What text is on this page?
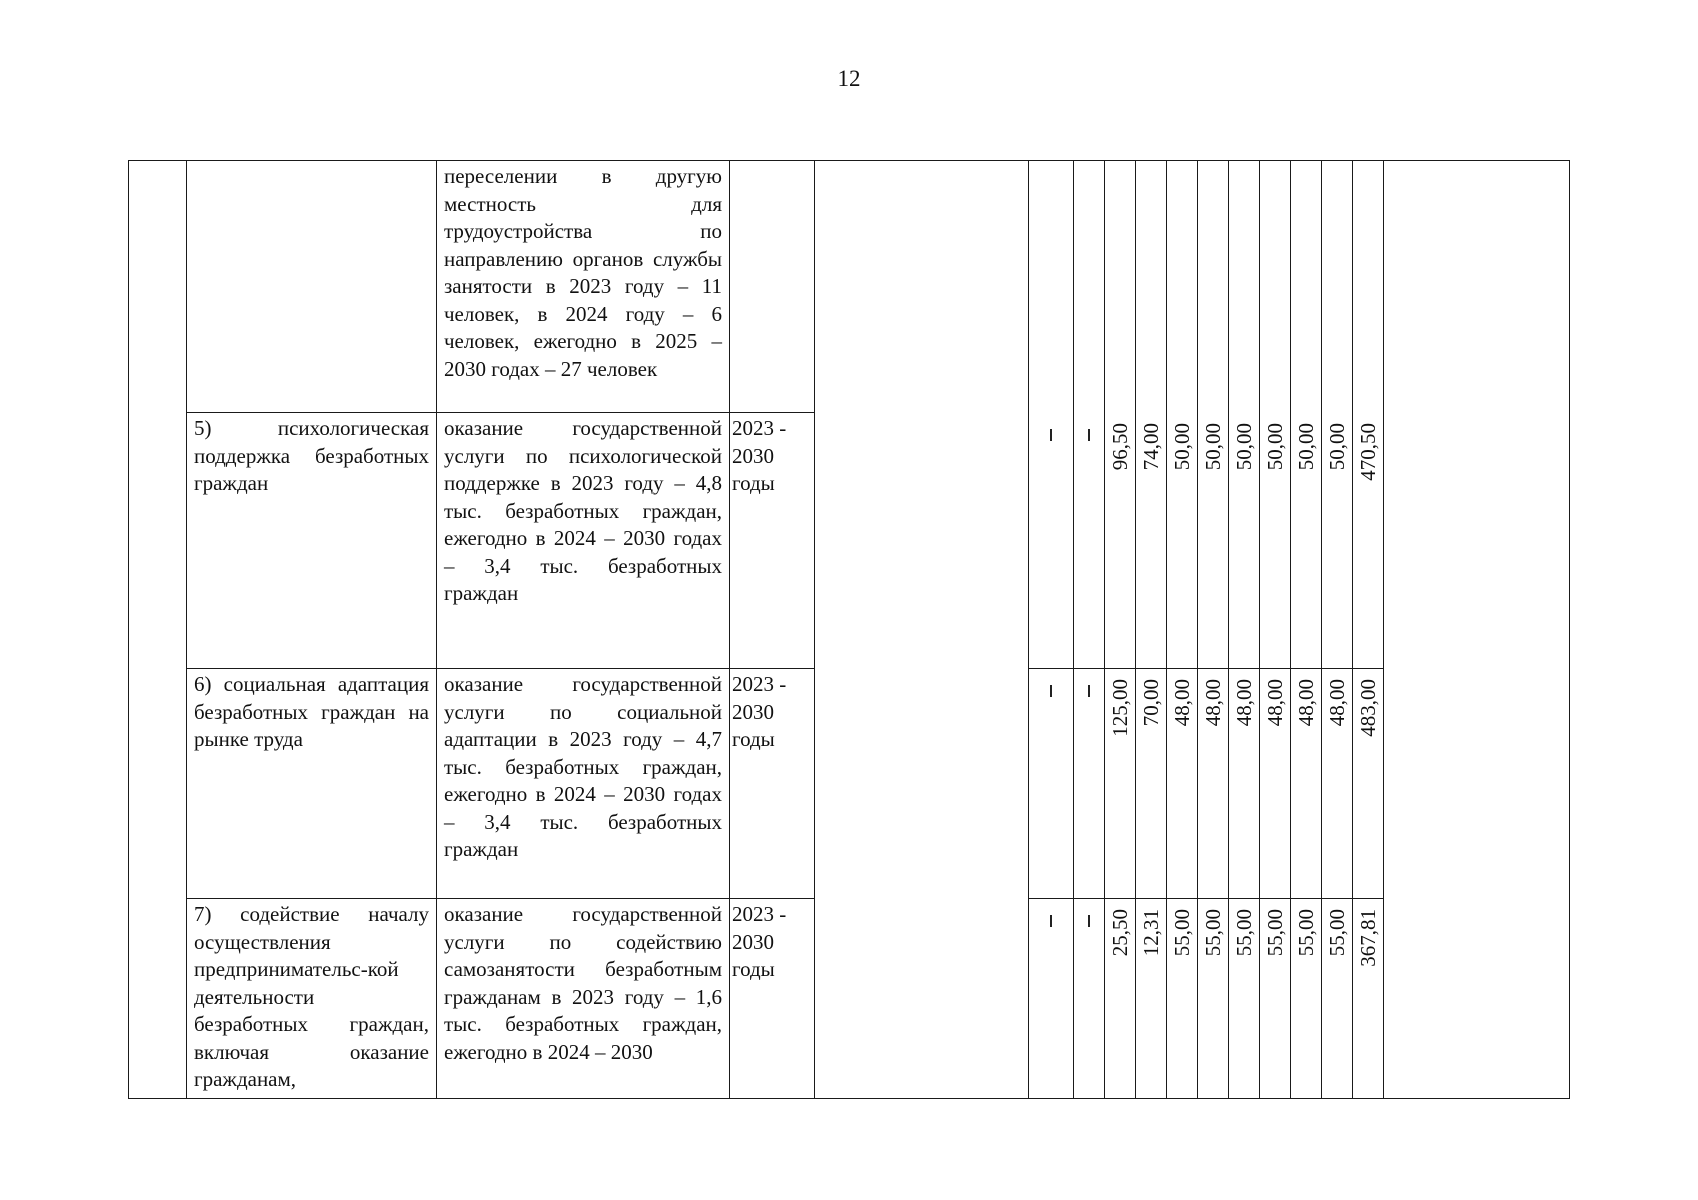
12
		переселении в другую местность для трудоустройства по направлению органов службы занятости в 2023 году – 11 человек, в 2024 году – 6 человек, ежегодно в 2025 – 2030 годах – 27 человек														
	5) психологическая поддержка безработных граждан	оказание государственной услуги по психологической поддержке в 2023 году – 4,8 тыс. безработных граждан, ежегодно в 2024 – 2030 годах – 3,4 тыс. безработных граждан	2023 - 2030 годы				96,50	74,00	50,00	50,00	50,00	50,00	50,00	50,00	470,50	
	6) социальная адаптация безработных граждан на рынке труда	оказание государственной услуги по социальной адаптации в 2023 году – 4,7 тыс. безработных граждан, ежегодно в 2024 – 2030 годах – 3,4 тыс. безработных граждан	2023 - 2030 годы				125,00	70,00	48,00	48,00	48,00	48,00	48,00	48,00	483,00	
	7) содействие началу осуществления предпринимательс-кой деятельности безработных граждан, включая оказание гражданам,	оказание государственной услуги по содействию самозанятости безработным гражданам в 2023 году – 1,6 тыс. безработных граждан, ежегодно в 2024 – 2030	2023 - 2030 годы				25,50	12,31	55,00	55,00	55,00	55,00	55,00	55,00	367,81	
